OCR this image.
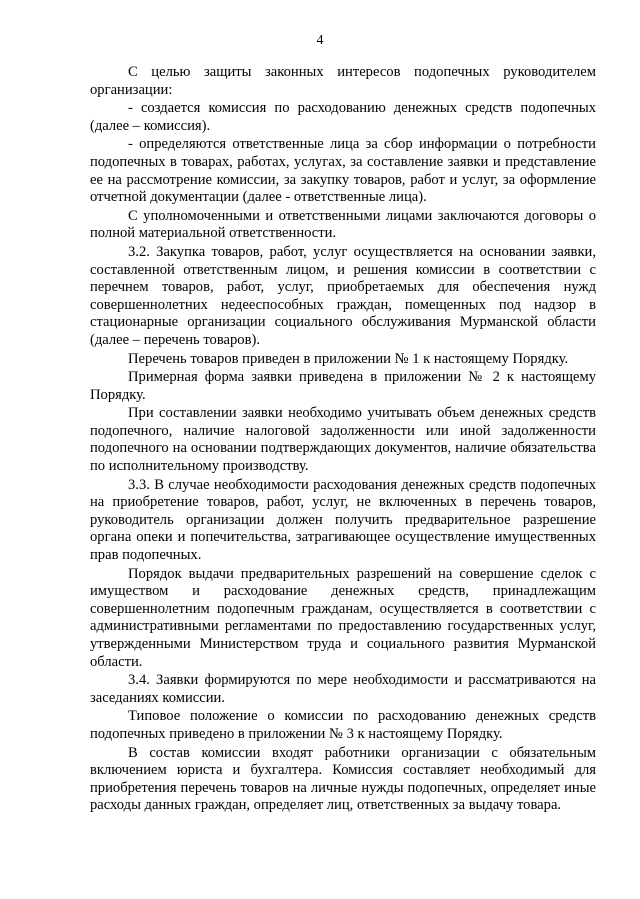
4

С целью защиты законных интересов подопечных руководителем организации:

- создается комиссия по расходованию денежных средств подопечных (далее – комиссия).

- определяются ответственные лица за сбор информации о потребности подопечных в товарах, работах, услугах, за составление заявки и представление ее на рассмотрение комиссии, за закупку товаров, работ и услуг, за оформление отчетной документации (далее - ответственные лица).

С уполномоченными и ответственными лицами заключаются договоры о полной материальной ответственности.

3.2. Закупка товаров, работ, услуг осуществляется на основании заявки, составленной ответственным лицом, и решения комиссии в соответствии с перечнем товаров, работ, услуг, приобретаемых для обеспечения нужд совершеннолетних недееспособных граждан, помещенных под надзор в стационарные организации социального обслуживания Мурманской области (далее – перечень товаров).

Перечень товаров приведен в приложении № 1 к настоящему Порядку.

Примерная форма заявки приведена в приложении № 2 к настоящему Порядку.

При составлении заявки необходимо учитывать объем денежных средств подопечного, наличие налоговой задолженности или иной задолженности подопечного на основании подтверждающих документов, наличие обязательства по исполнительному производству.

3.3. В случае необходимости расходования денежных средств подопечных на приобретение товаров, работ, услуг, не включенных в перечень товаров, руководитель организации должен получить предварительное разрешение органа опеки и попечительства, затрагивающее осуществление имущественных прав подопечных.

Порядок выдачи предварительных разрешений на совершение сделок с имуществом и расходование денежных средств, принадлежащим совершеннолетним подопечным гражданам, осуществляется в соответствии с административными регламентами по предоставлению государственных услуг, утвержденными Министерством труда и социального развития Мурманской области.

3.4. Заявки формируются по мере необходимости и рассматриваются на заседаниях комиссии.

Типовое положение о комиссии по расходованию денежных средств подопечных приведено в приложении № 3 к настоящему Порядку.

В состав комиссии входят работники организации с обязательным включением юриста и бухгалтера. Комиссия составляет необходимый для приобретения перечень товаров на личные нужды подопечных, определяет иные расходы данных граждан, определяет лиц, ответственных за выдачу товара.
